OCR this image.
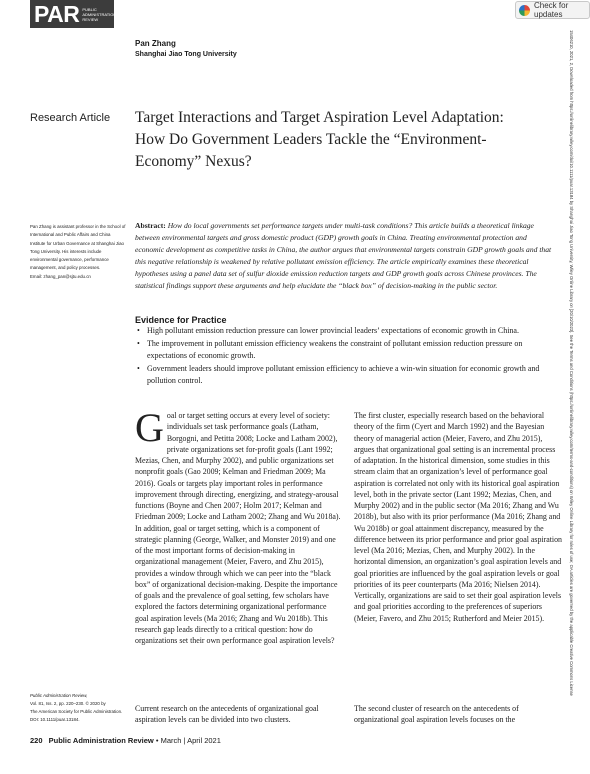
PAR PUBLIC
ADMINISTRATION
REVIEW
Check for updates
Pan Zhang
Shanghai Jiao Tong University
Research Article Target Interactions and Target Aspiration Level Adaptation: How Do Government Leaders Tackle the “Environment-Economy” Nexus?
Pan Zhang is assistant professor in the School of International and Public Affairs and China Institute for Urban Governance at Shanghai Jiao Tong University. His interests include environmental governance, performance management, and policy processes.
Email: zhang_pan@sjtu.edu.cn
Abstract: How do local governments set performance targets under multi-task conditions? This article builds a theoretical linkage between environmental targets and gross domestic product (GDP) growth goals in China. Treating environmental protection and economic development as competitive tasks in China, the author argues that environmental targets constrain GDP growth goals and that this negative relationship is weakened by relative pollutant emission efficiency. The article empirically examines these theoretical hypotheses using a panel data set of sulfur dioxide emission reduction targets and GDP growth goals across Chinese provinces. The statistical findings support these arguments and help elucidate the “black box” of decision-making in the public sector.
Evidence for Practice
• High pollutant emission reduction pressure can lower provincial leaders’ expectations of economic growth in China.
• The improvement in pollutant emission efficiency weakens the constraint of pollutant emission reduction pressure on expectations of economic growth.
• Government leaders should improve pollutant emission efficiency to achieve a win-win situation for economic growth and pollution control.
Goal or target setting occurs at every level of society: individuals set task performance goals (Latham, Borgogni, and Petitta 2008; Locke and Latham 2002), private organizations set for-profit goals (Lant 1992; Mezias, Chen, and Murphy 2002), and public organizations set nonprofit goals (Gao 2009; Kelman and Friedman 2009; Ma 2016). Goals or targets play important roles in performance improvement through directing, energizing, and strategy-arousal functions (Boyne and Chen 2007; Holm 2017; Kelman and Friedman 2009; Locke and Latham 2002; Zhang and Wu 2018a). In addition, goal or target setting, which is a component of strategic planning (George, Walker, and Monster 2019) and one of the most important forms of decision-making in organizational management (Meier, Favero, and Zhu 2015), provides a window through which we can peer into the “black box” of organizational decision-making. Despite the importance of goals and the prevalence of goal setting, few scholars have explored the factors determining organizational performance goal aspiration levels (Ma 2016; Zhang and Wu 2018b). This research gap leads directly to a critical question: how do organizations set their own performance goal aspiration levels?
Current research on the antecedents of organizational goal aspiration levels can be divided into two clusters.
The first cluster, especially research based on the behavioral theory of the firm (Cyert and March 1992) and the Bayesian theory of managerial action (Meier, Favero, and Zhu 2015), argues that organizational goal setting is an incremental process of adaptation. In the historical dimension, some studies in this stream claim that an organization’s level of performance goal aspiration is correlated not only with its historical goal aspiration level, both in the private sector (Lant 1992; Mezias, Chen, and Murphy 2002) and in the public sector (Ma 2016; Zhang and Wu 2018b), but also with its prior performance (Ma 2016; Zhang and Wu 2018b) or goal attainment discrepancy, measured by the difference between its prior performance and prior goal aspiration level (Ma 2016; Mezias, Chen, and Murphy 2002). In the horizontal dimension, an organization’s goal aspiration levels and goal priorities are influenced by the goal aspiration levels or goal priorities of its peer counterparts (Ma 2016; Nielsen 2014). Vertically, organizations are said to set their goal aspiration levels and goal priorities according to the preferences of superiors (Meier, Favero, and Zhu 2015; Rutherford and Meier 2015).
The second cluster of research on the antecedents of organizational goal aspiration levels focuses on the
Public Administration Review,
Vol. 81, Iss. 2, pp. 220–230. © 2020 by
The American Society for Public Administration.
DOI: 10.1111/puar.13184.
220 Public Administration Review • March | April 2021
15406210, 2021, 2, Downloaded from https://onlinelibrary.wiley.com/doi/10.1111/puar.13184 by Shanghai Jiao Tong University, Wiley Online Library on [20/10/2023]. See the Terms and Conditions (https://onlinelibrary.wiley.com/terms-and-conditions) on Wiley Online Library for rules of use; OA articles are governed by the applicable Creative Commons License
